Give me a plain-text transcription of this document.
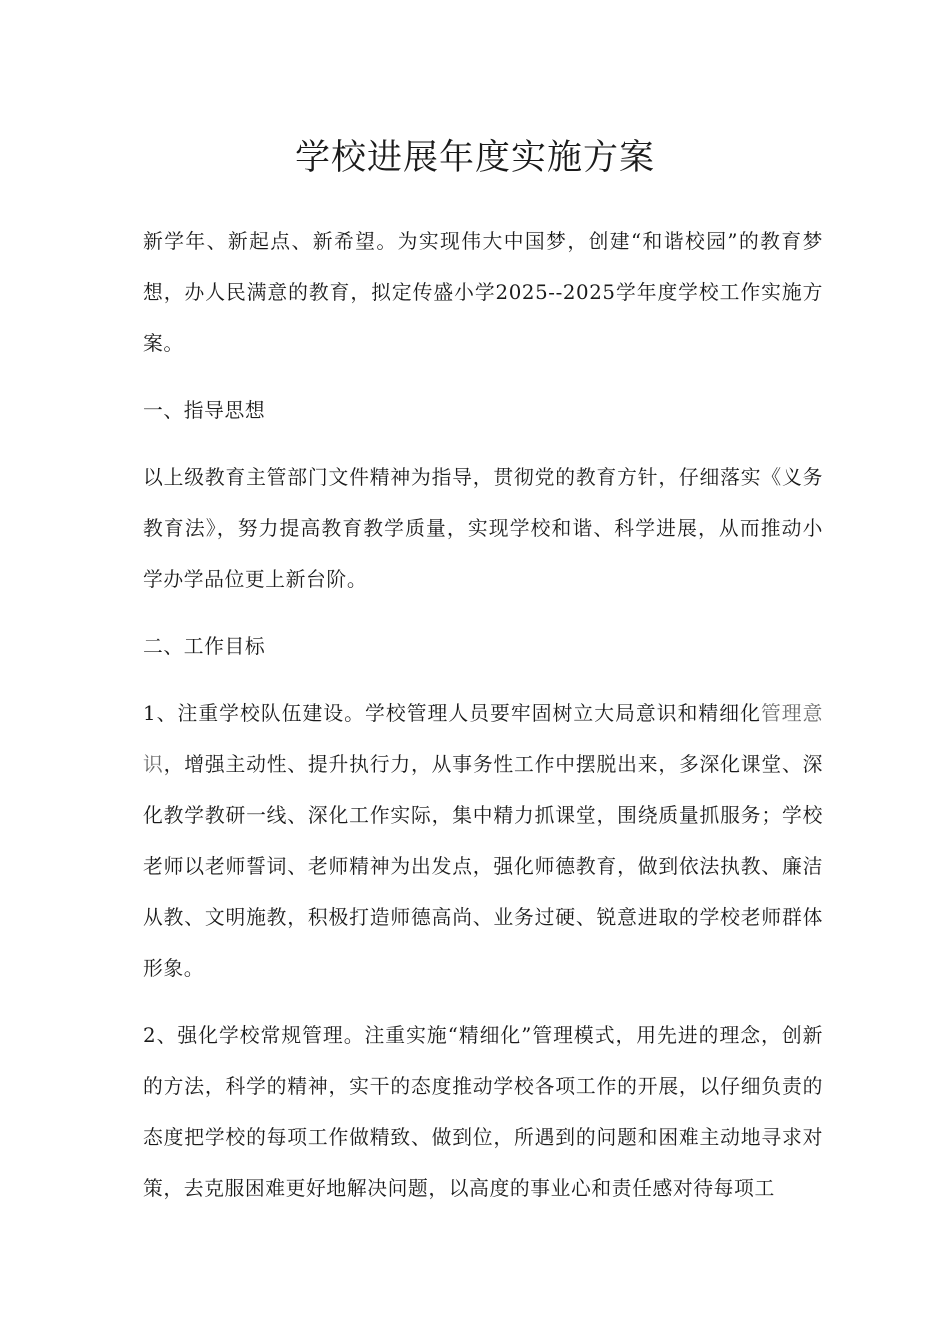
学校进展年度实施方案

新学年、新起点、新希望。为实现伟大中国梦，创建“和谐校园”的教育梦想，办人民满意的教育，拟定传盛小学2025--2025学年度学校工作实施方案。

一、指导思想

以上级教育主管部门文件精神为指导，贯彻党的教育方针，仔细落实《义务教育法》，努力提高教育教学质量，实现学校和谐、科学进展，从而推动小学办学品位更上新台阶。

二、工作目标

1、注重学校队伍建设。学校管理人员要牢固树立大局意识和精细化管理意识，增强主动性、提升执行力，从事务性工作中摆脱出来，多深化课堂、深化教学教研一线、深化工作实际，集中精力抓课堂，围绕质量抓服务；学校老师以老师誓词、老师精神为出发点，强化师德教育，做到依法执教、廉洁从教、文明施教，积极打造师德高尚、业务过硬、锐意进取的学校老师群体形象。

2、强化学校常规管理。注重实施“精细化”管理模式，用先进的理念，创新的方法，科学的精神，实干的态度推动学校各项工作的开展，以仔细负责的态度把学校的每项工作做精致、做到位，所遇到的问题和困难主动地寻求对策，去克服困难更好地解决问题，以高度的事业心和责任感对待每项工
